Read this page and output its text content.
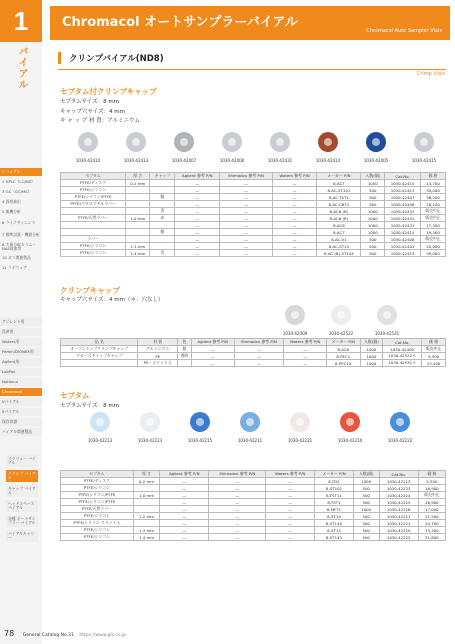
1
バイアル
1 バイアル
2 HPLC（LC/MS）
3 GC（GC/MS）
4 固相抽出
5 無機分析
6 ライフサイエンス
7 標準試薬・機器分析
8 大量分取カラム・NAS検体等
10 ガス関連製品
11 ラボウェア
アジレント用
島津用
Waters用
Perkin/DIONEX用
Agilent用
LabPak
Nationul
Chromacol
Vバイアル
Sバイアル
保存容器
バイアル関連製品
スクリュー バイアル
クリンプ バイアル
キャップ バイアル
ヘッドスペース バイアル
各種 オートサンプラー バイアル
バイアルキャリー
Chromacol オートサンプラーバイアル
Chromacol Auto Sampler Vials
クリンプバイアル(ND8)
Crimp Vials
セプタム付クリンプキャップ
セプタムサイズ：8 mm
キャップ穴サイズ：4 mm
キ ャ ッ プ 材 質：アルミニウム
1030-42410	1030-42413	1030-42407	1030-42406	1030-42431	1030-42414	1030-42405	1030-42415
セプタム	厚 さ	キャップ	Agilent 参考 P/N	Shimadzu 参考 P/N	Waters 参考 P/N	メーカー P/N	入数(個)	Cat.No.	価 格
PTFE/ディスク	0.2 mm		—	—	—	8-ACT	1000	1030-42410	14,700
PTFE/シリコン			—	—	—	8-AC-ST101	500	1030-42413	30,000
PTFE/シリコン/PTFE		銀	—	—	—	8-AC-TST1	500	1030-42407	36,200
PTFE/クロロブチルラバー			—	—	—	8-AC-CBT1	500	1030-42406	28,100
		青	—	—	—	8-AC6 (B)	1000	1030-42433	販売中止
PTFE/天然ラバー	1.0 mm	赤	—	—	—	8-AC6 (R)	1000	1030-42432	販売中止
			—	—	—	8-AC6	1000	1030-42431	17,300
		銀	—	—	—	8-AC7	1000	1030-42414	19,300
ラバー			—	—	—	8-AC-V1	500	1030-42408	販売中止
PTFE/シリコン	1.3 mm		—	—	—	8-AC-ST15	500	1030-42405	20,000
PTFE/シリコン	1.4 mm	青	—	—	—	8-AC (B)-ST144	500	1030-42415	39,000
クリンプキャップ
キャップ穴サイズ：4 mm（＊：穴なし）
1030-42409	1030-42522	1030-42531
品 名	材 質	色	Agilent 参考 P/N	Shimadzu 参考 P/N	Waters 参考 P/N	メーカー P/N	入数(個)	Cat.No.	価 格
オープントップクリンプキャップ	アルミニウム	銀	—	—	—	8-AC8	1000	1030-42409	販売中止
クローズドトップキャップ	PE	透明	—	—	—	8-PEC1	1000	1030-42522＊	9,300
	PE・スリット入		—	—	—	8-PEC1X	1000	1030-42531＊	13,400
セプタム
セプタムサイズ：8 mm
1030-42213	1030-42223	1030-42215	1030-42211	1030-42221	1030-42210	1030-42222
セプタム	厚 さ	Agilent 参考 P/N	Shimadzu 参考 P/N	Waters 参考 P/N	メーカー P/N	入数(個)	Cat.No.	価 格
PTFE/ディスク	0.2 mm	—	—	—	8-TD2	1000	1030-42213	5,500
PTFE/シリコン		—	—	—	8-ST101	500	1030-42223	16,900
PTFE/シリコン/PTFE	1.0 mm	—	—	—	8-TST11	500	1030-42214	販売中止
PTFE/シリコン/PTFE		—	—	—	8-TST1	500	1030-42215	26,900
PTFE/天然ラバー		—	—	—	8-MFT1	1000	1030-42216	17,000
PTFE/シリコン	1.2 mm	—	—	—	8-ST14	500	1030-42211	11,500
PTFE/シリコン スリット入		—	—	—	8-ST14X	500	1030-42221	24,700
PTFE/シリコン	1.3 mm	—	—	—	8-ST15	500	1030-42210	13,300
PTFE/シリコン	1.4 mm	—	—	—	8-ST143	500	1030-42222	31,800
78 General Catalog No.31 https://www.gls.co.jp
